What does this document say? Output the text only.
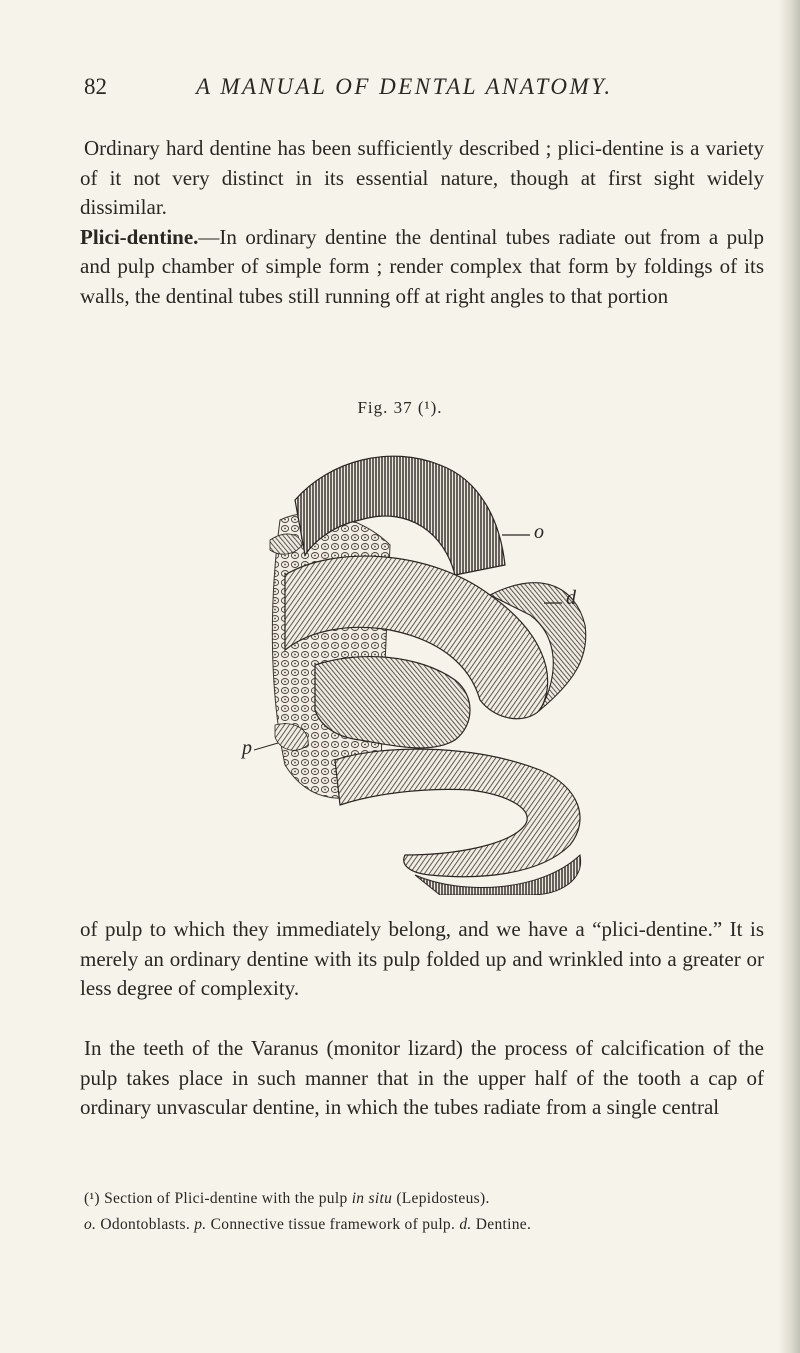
82	A MANUAL OF DENTAL ANATOMY.
Ordinary hard dentine has been sufficiently described ; plici-dentine is a variety of it not very distinct in its essential nature, though at first sight widely dissimilar.
Plici-dentine.—In ordinary dentine the dentinal tubes radiate out from a pulp and pulp chamber of simple form ; render complex that form by foldings of its walls, the dentinal tubes still running off at right angles to that portion

Fig. 37 (¹).

o
d
p

of pulp to which they immediately belong, and we have a “plici-dentine.” It is merely an ordinary dentine with its pulp folded up and wrinkled into a greater or less degree of complexity.

In the teeth of the Varanus (monitor lizard) the process of calcification of the pulp takes place in such manner that in the upper half of the tooth a cap of ordinary unvascular dentine, in which the tubes radiate from a single central

(¹) Section of Plici-dentine with the pulp in situ (Lepidosteus).
o. Odontoblasts. p. Connective tissue framework of pulp. d. Dentine.
